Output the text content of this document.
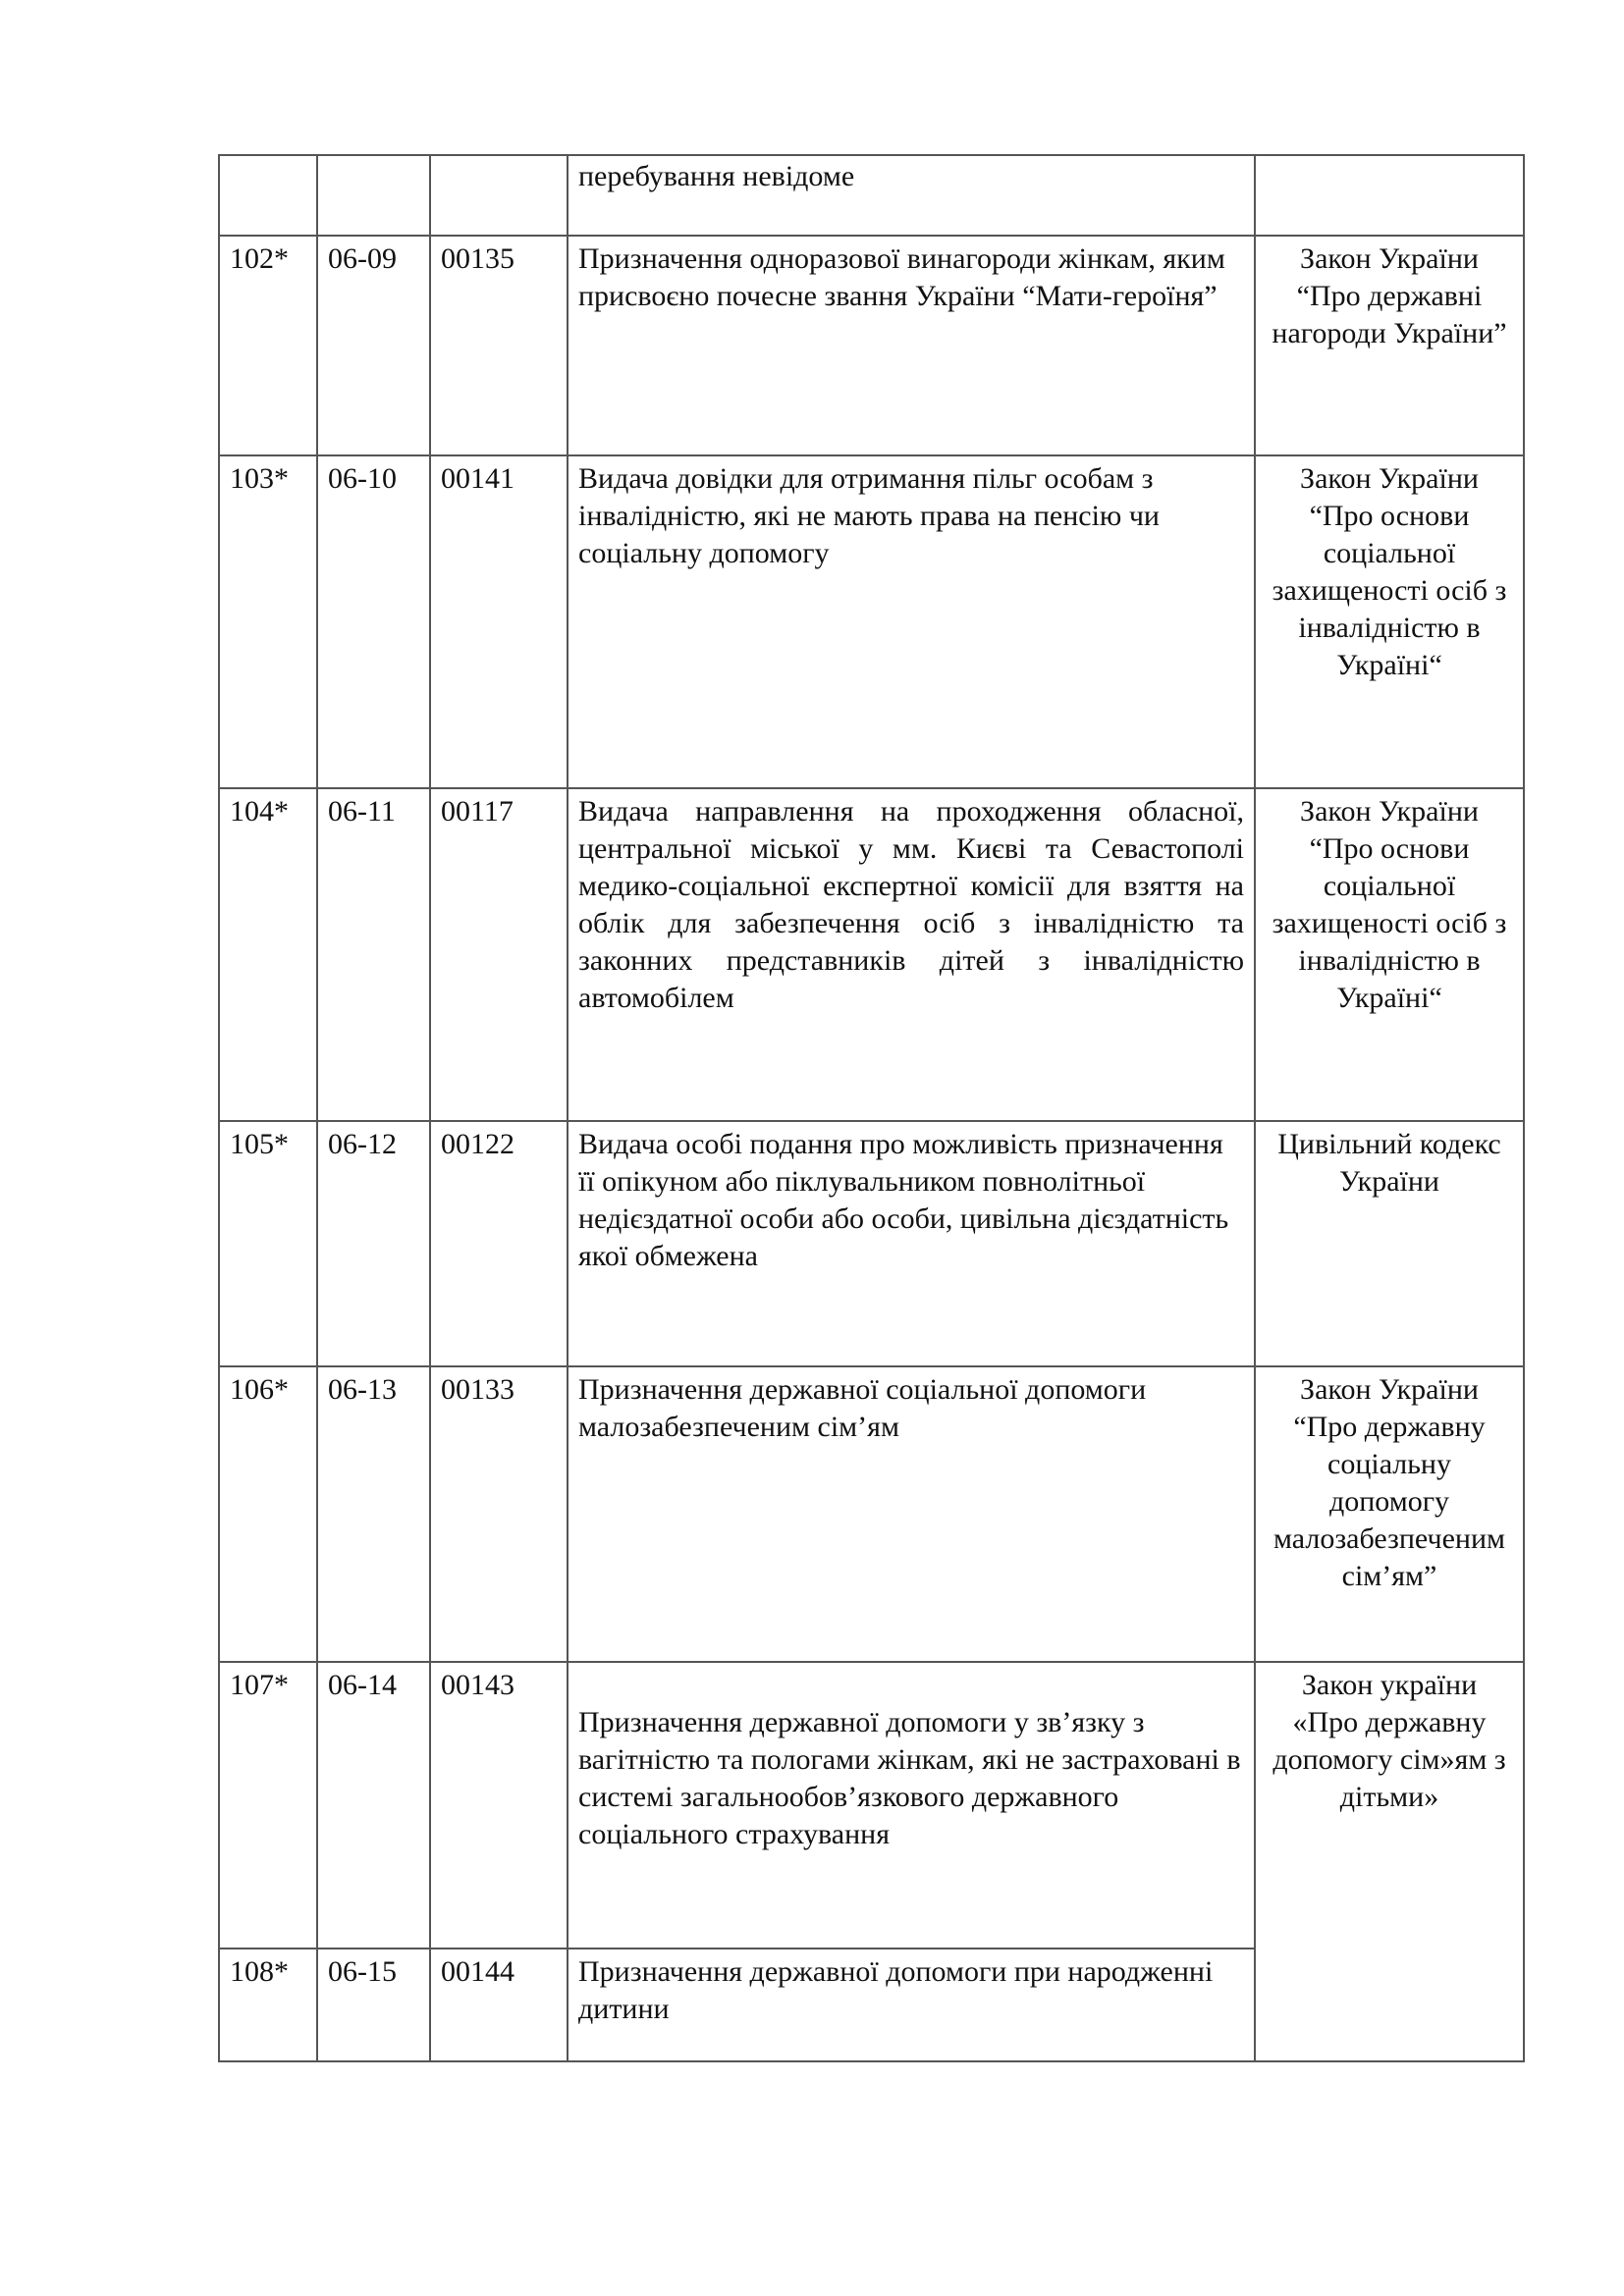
			перебування невідоме	
102*	06-09	00135	Призначення одноразової винагороди жінкам, яким присвоєно почесне звання України “Мати-героїня”	Закон України “Про державні нагороди України”
103*	06-10	00141	Видача довідки для отримання пільг особам з інвалідністю, які не мають права на пенсію чи соціальну допомогу	Закон України “Про основи соціальної захищеності осіб з інвалідністю в Україні“
104*	06-11	00117	Видача направлення на проходження обласної, центральної міської у мм. Києві та Севастополі медико-соціальної експертної комісії для взяття на облік для забезпечення осіб з інвалідністю та законних представників дітей з інвалідністю автомобілем	Закон України “Про основи соціальної захищеності осіб з інвалідністю в Україні“
105*	06-12	00122	Видача особі подання про можливість призначення її опікуном або піклувальником повнолітньої недієздатної особи або особи, цивільна дієздатність якої обмежена	Цивільний кодекс України
106*	06-13	00133	Призначення державної соціальної допомоги малозабезпеченим сім’ям	Закон України “Про державну соціальну допомогу малозабезпеченим сім’ям”
107*	06-14	00143	Призначення державної допомоги у зв’язку з вагітністю та пологами жінкам, які не застраховані в системі загальнообов’язкового державного соціального страхування	Закон україни «Про державну допомогу сім»ям з дітьми»
108*	06-15	00144	Призначення державної допомоги при народженні дитини	
